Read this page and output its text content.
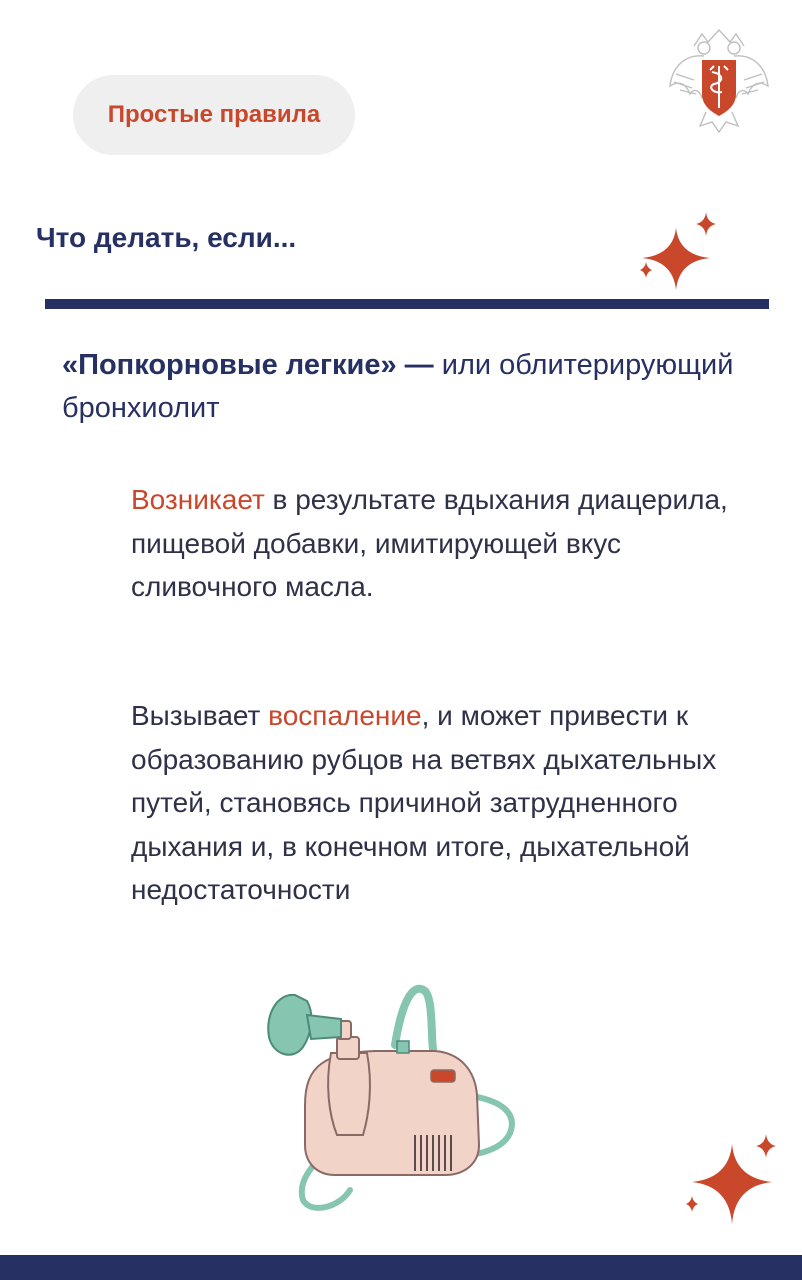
Простые правила
Что делать, если...

«Попкорновые легкие» — или облитерирующий бронхиолит

Возникает в результате вдыхания диацерила, пищевой добавки, имитирующей вкус сливочного масла.

Вызывает воспаление, и может привести к образованию рубцов на ветвях дыхательных путей, становясь причиной затрудненного дыхания и, в конечном итоге, дыхательной недостаточности
